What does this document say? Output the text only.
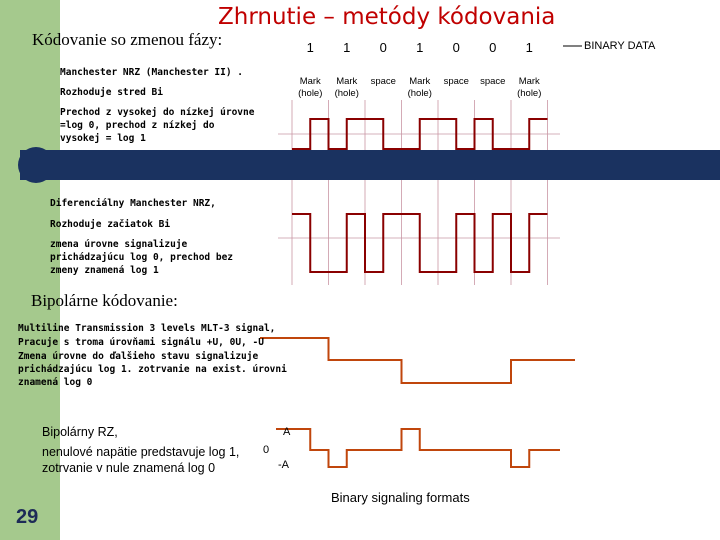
Zhrnutie – metódy kódovania
Kódovanie so zmenou fázy:	1	1	0	1	0	0	1	BINARY DATA
Mark
(hole)
Mark
(hole)
space	Mark
(hole)
space	space	Mark
(hole)
Manchester NRZ (Manchester II) .
Rozhoduje stred Bi
Prechod z vysokej do nízkej úrovne =log 0, prechod z nízkej do vysokej = log 1
Diferenciálny Manchester NRZ,
Rozhoduje začiatok Bi
zmena úrovne signalizuje prichádzajúcu log 0, prechod bez zmeny znamená log 1
Bipolárne kódovanie:
Multiline Transmission 3 levels MLT-3 signal,
Pracuje s troma úrovňami signálu +U, 0U, -U
Zmena úrovne do ďalšieho stavu signalizuje prichádzajúcu log 1. zotrvanie na exist. úrovni znamená log 0
Bipolárny RZ,
nenulové napätie predstavuje log 1, zotrvanie v nule znamená log 0
A
0
-A
Binary signaling formats
29
